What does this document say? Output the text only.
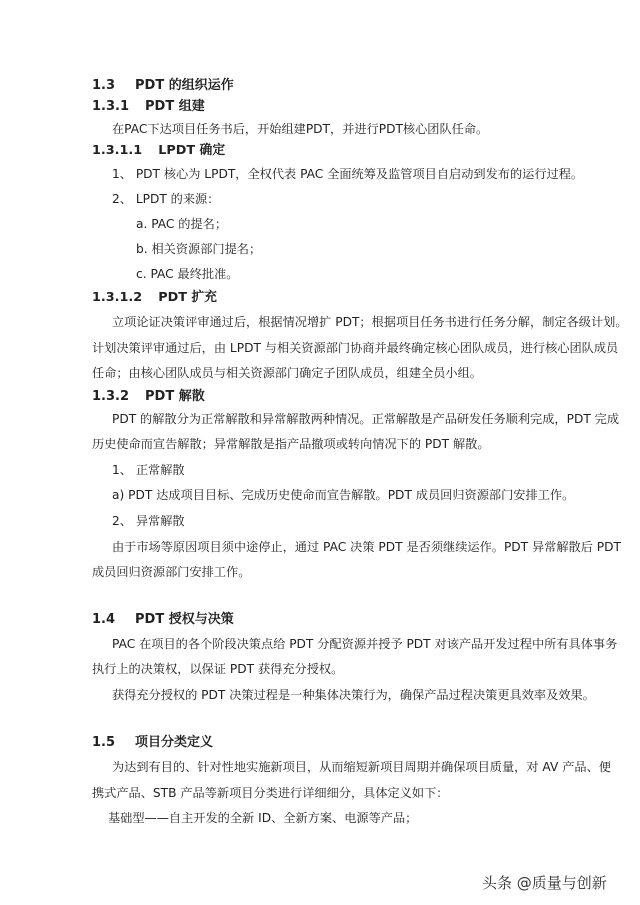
1.3 PDT 的组织运作
1.3.1 PDT 组建
在PAC下达项目任务书后，开始组建PDT，并进行PDT核心团队任命。
1.3.1.1 LPDT 确定
1、 PDT 核心为 LPDT，全权代表 PAC 全面统筹及监管项目自启动到发布的运行过程。
2、 LPDT 的来源：
a. PAC 的提名；
b. 相关资源部门提名；
c. PAC 最终批准。
1.3.1.2 PDT 扩充
立项论证决策评审通过后，根据情况增扩 PDT；根据项目任务书进行任务分解，制定各级计划。
计划决策评审通过后，由 LPDT 与相关资源部门协商并最终确定核心团队成员，进行核心团队成员
任命；由核心团队成员与相关资源部门确定子团队成员，组建全员小组。
1.3.2 PDT 解散
PDT 的解散分为正常解散和异常解散两种情况。正常解散是产品研发任务顺利完成，PDT 完成
历史使命而宣告解散；异常解散是指产品撤项或转向情况下的 PDT 解散。
1、 正常解散
a) PDT 达成项目目标、完成历史使命而宣告解散。PDT 成员回归资源部门安排工作。
2、 异常解散
由于市场等原因项目须中途停止，通过 PAC 决策 PDT 是否须继续运作。PDT 异常解散后 PDT
成员回归资源部门安排工作。
1.4 PDT 授权与决策
PAC 在项目的各个阶段决策点给 PDT 分配资源并授予 PDT 对该产品开发过程中所有具体事务
执行上的决策权，以保证 PDT 获得充分授权。
获得充分授权的 PDT 决策过程是一种集体决策行为，确保产品过程决策更具效率及效果。
1.5 项目分类定义
为达到有目的、针对性地实施新项目，从而缩短新项目周期并确保项目质量，对 AV 产品、便
携式产品、STB 产品等新项目分类进行详细细分，具体定义如下：
基础型——自主开发的全新 ID、全新方案、电源等产品；
头条 @质量与创新
